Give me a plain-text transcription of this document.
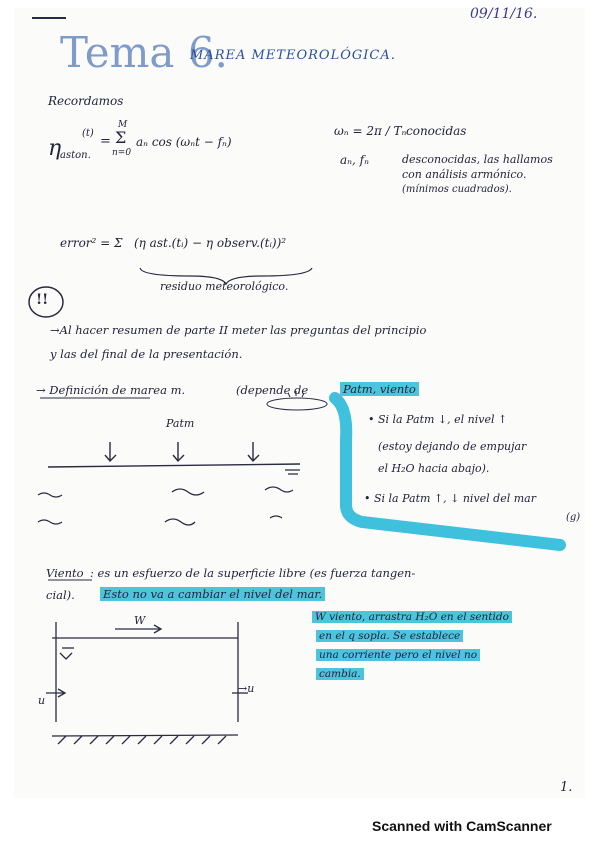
09/11/16.
Tema 6.
MAREA METEOROLÓGICA.
Recordamos
η
aston.
(t)
=
M
Σ
n=0
aₙ cos (ωₙt − fₙ)
ωₙ = 2π / Tₙ conocidas
aₙ, fₙ	desconocidas, las hallamos
con análisis armónico.
(mínimos cuadrados).
error² = Σ (η ast.(tᵢ) − η observ.(tᵢ))²
residuo meteorológico.
!!
→Al hacer resumen de parte II meter las preguntas del principio
y las del final de la presentación.
→ Definición de marea m.	(depende de	Patm, viento
Patm	• Si la Patm ↓, el nivel ↑
(estoy dejando de empujar
el H₂O hacia abajo).
• Si la Patm ↑, ↓ nivel del mar
(g)
Viento : es un esfuerzo de la superficie libre (es fuerza tangen-
cial). Esto no va a cambiar el nivel del mar.
W
u
→u
W viento, arrastra H₂O en el sentido
en el q sopla. Se establece
una corriente pero el nivel no
cambia.
1.
Scanned with CamScanner
